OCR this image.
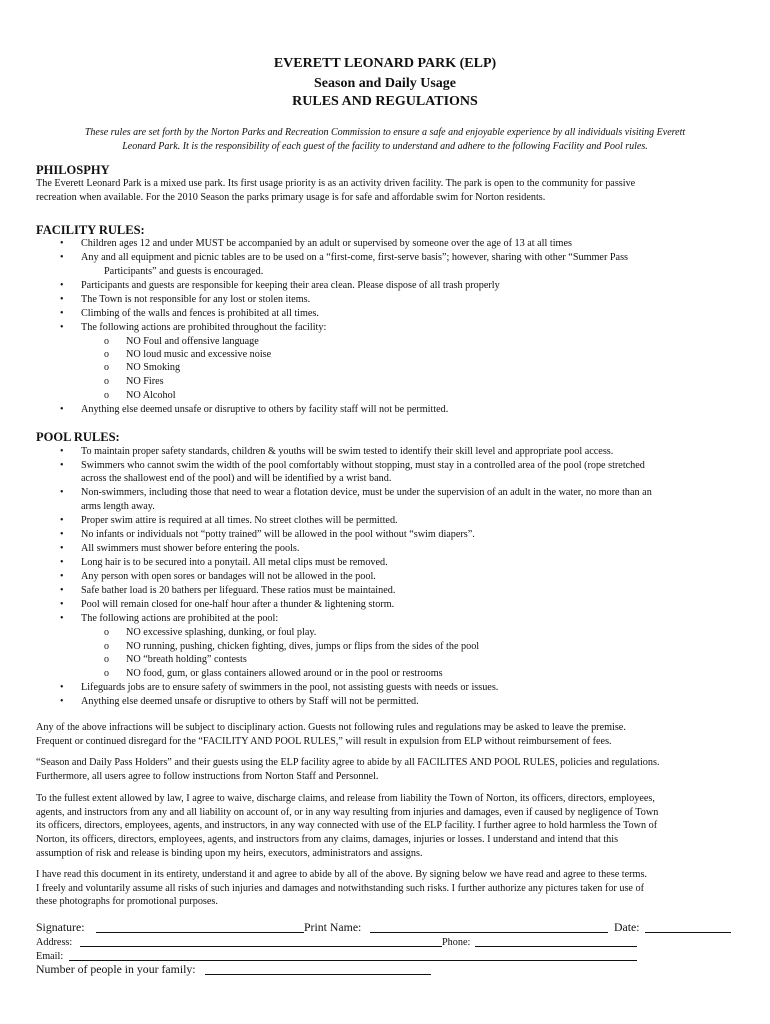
EVERETT LEONARD PARK (ELP)
Season and Daily Usage
RULES AND REGULATIONS
These rules are set forth by the Norton Parks and Recreation Commission to ensure a safe and enjoyable experience by all individuals visiting Everett
Leonard Park. It is the responsibility of each guest of the facility to understand and adhere to the following Facility and Pool rules.
PHILOSPHY
The Everett Leonard Park is a mixed use park. Its first usage priority is as an activity driven facility. The park is open to the community for passive
recreation when available. For the 2010 Season the parks primary usage is for safe and affordable swim for Norton residents.
FACILITY RULES:
• Children ages 12 and under MUST be accompanied by an adult or supervised by someone over the age of 13 at all times
• Any and all equipment and picnic tables are to be used on a “first-come, first-serve basis”; however, sharing with other “Summer Pass
Participants” and guests is encouraged.
• Participants and guests are responsible for keeping their area clean. Please dispose of all trash properly
• The Town is not responsible for any lost or stolen items.
• Climbing of the walls and fences is prohibited at all times.
• The following actions are prohibited throughout the facility:
o NO Foul and offensive language
o NO loud music and excessive noise
o NO Smoking
o NO Fires
o NO Alcohol
• Anything else deemed unsafe or disruptive to others by facility staff will not be permitted.
POOL RULES:
• To maintain proper safety standards, children & youths will be swim tested to identify their skill level and appropriate pool access.
• Swimmers who cannot swim the width of the pool comfortably without stopping, must stay in a controlled area of the pool (rope stretched
across the shallowest end of the pool) and will be identified by a wrist band.
• Non-swimmers, including those that need to wear a flotation device, must be under the supervision of an adult in the water, no more than an
arms length away.
• Proper swim attire is required at all times. No street clothes will be permitted.
• No infants or individuals not “potty trained” will be allowed in the pool without “swim diapers”.
• All swimmers must shower before entering the pools.
• Long hair is to be secured into a ponytail. All metal clips must be removed.
• Any person with open sores or bandages will not be allowed in the pool.
• Safe bather load is 20 bathers per lifeguard. These ratios must be maintained.
• Pool will remain closed for one-half hour after a thunder & lightening storm.
• The following actions are prohibited at the pool:
o NO excessive splashing, dunking, or foul play.
o NO running, pushing, chicken fighting, dives, jumps or flips from the sides of the pool
o NO “breath holding” contests
o NO food, gum, or glass containers allowed around or in the pool or restrooms
• Lifeguards jobs are to ensure safety of swimmers in the pool, not assisting guests with needs or issues.
• Anything else deemed unsafe or disruptive to others by Staff will not be permitted.
Any of the above infractions will be subject to disciplinary action. Guests not following rules and regulations may be asked to leave the premise.
Frequent or continued disregard for the “FACILITY AND POOL RULES,” will result in expulsion from ELP without reimbursement of fees.
“Season and Daily Pass Holders” and their guests using the ELP facility agree to abide by all FACILITES AND POOL RULES, policies and regulations.
Furthermore, all users agree to follow instructions from Norton Staff and Personnel.
To the fullest extent allowed by law, I agree to waive, discharge claims, and release from liability the Town of Norton, its officers, directors, employees,
agents, and instructors from any and all liability on account of, or in any way resulting from injuries and damages, even if caused by negligence of Town
its officers, directors, employees, agents, and instructors, in any way connected with use of the ELP facility. I further agree to hold harmless the Town of
Norton, its officers, directors, employees, agents, and instructors from any claims, damages, injuries or losses. I understand and intend that this
assumption of risk and release is binding upon my heirs, executors, administrators and assigns.
I have read this document in its entirety, understand it and agree to abide by all of the above. By signing below we have read and agree to these terms.
I freely and voluntarily assume all risks of such injuries and damages and notwithstanding such risks. I further authorize any pictures taken for use of
these photographs for promotional purposes.
Signature:	Print Name:	Date:
Address:	Phone:
Email:
Number of people in your family:
